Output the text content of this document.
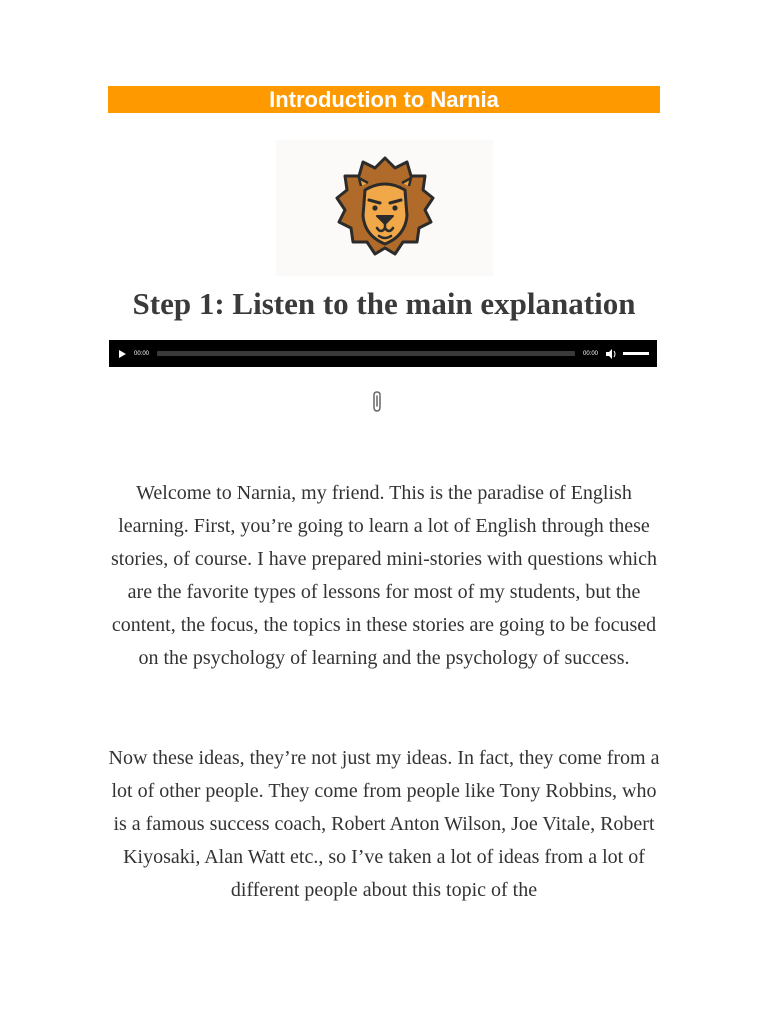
Introduction to Narnia
Step 1: Listen to the main explanation
00:00	00:00

Welcome to Narnia, my friend. This is the paradise of English learning. First, you’re going to learn a lot of English through these stories, of course. I have prepared mini-stories with questions which are the favorite types of lessons for most of my students, but the content, the focus, the topics in these stories are going to be focused on the psychology of learning and the psychology of success.

Now these ideas, they’re not just my ideas. In fact, they come from a lot of other people. They come from people like Tony Robbins, who is a famous success coach, Robert Anton Wilson, Joe Vitale, Robert Kiyosaki, Alan Watt etc., so I’ve taken a lot of ideas from a lot of different people about this topic of the
